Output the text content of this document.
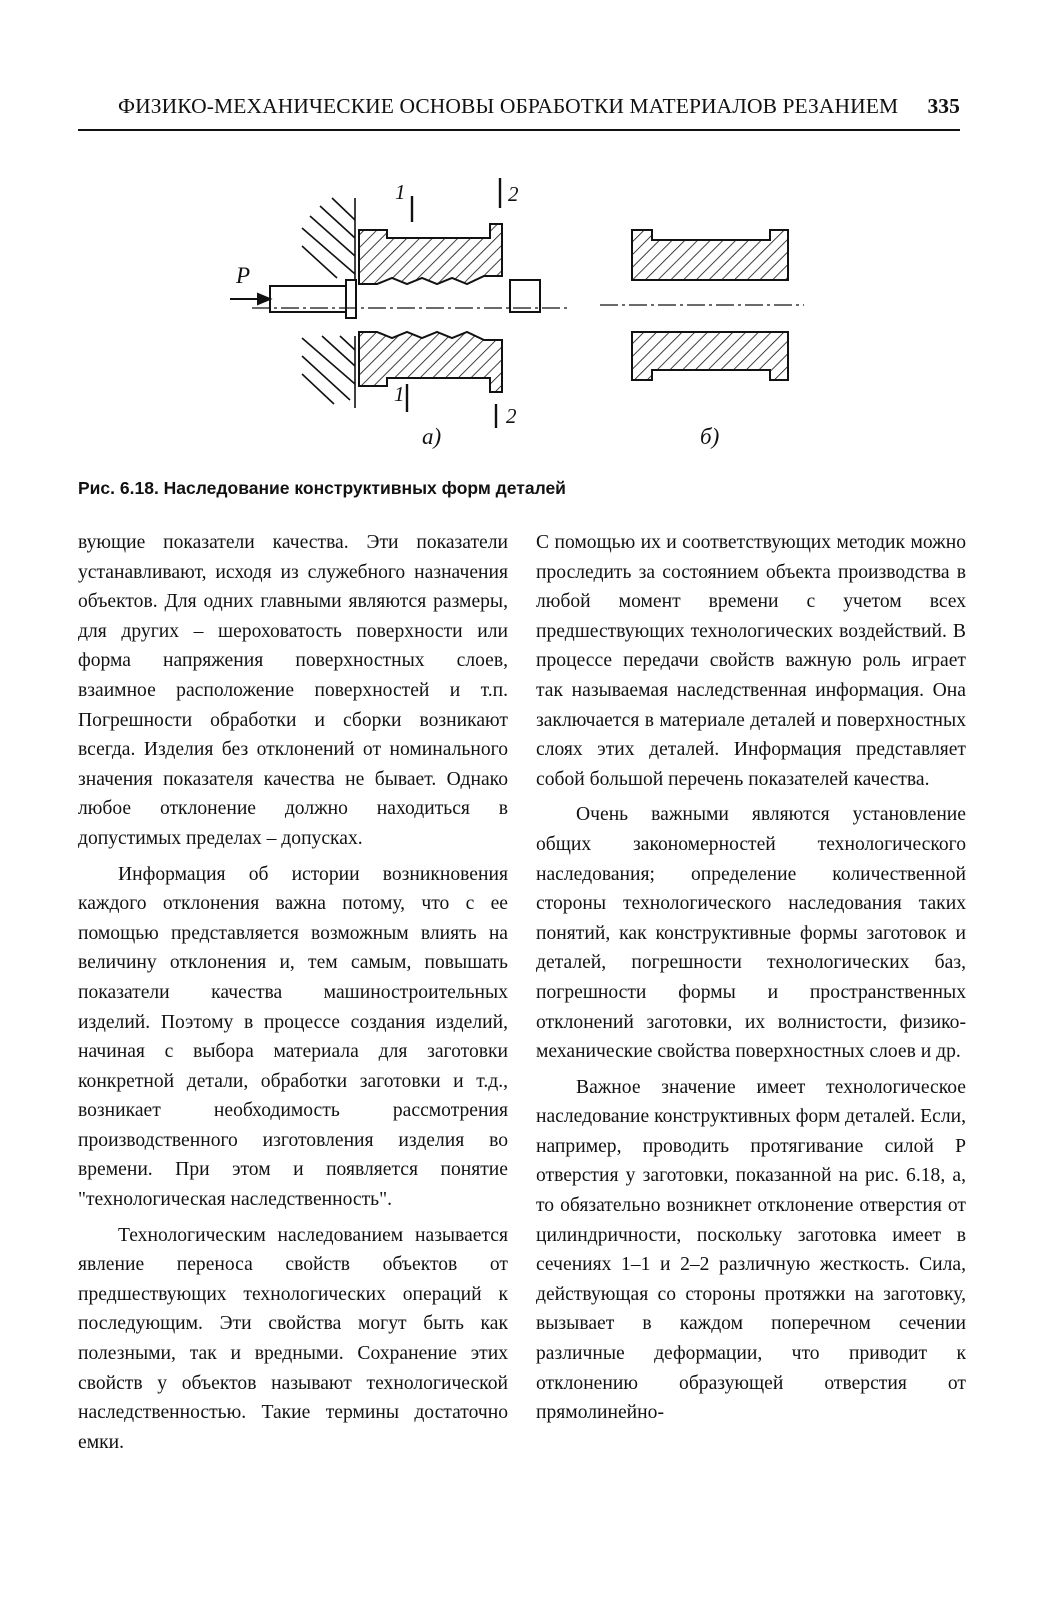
ФИЗИКО-МЕХАНИЧЕСКИЕ ОСНОВЫ ОБРАБОТКИ МАТЕРИАЛОВ РЕЗАНИЕМ 335
P
1	2
1
2
а)	б)
Рис. 6.18. Наследование конструктивных форм деталей

вующие показатели качества. Эти показатели устанавливают, исходя из служебного назначения объектов. Для одних главными являются размеры, для других – шероховатость поверхности или форма напряжения поверхностных слоев, взаимное расположение поверхностей и т.п. Погрешности обработки и сборки возникают всегда. Изделия без отклонений от номинального значения показателя качества не бывает. Однако любое отклонение должно находиться в допустимых пределах – допусках.

Информация об истории возникновения каждого отклонения важна потому, что с ее помощью представляется возможным влиять на величину отклонения и, тем самым, повышать показатели качества машиностроительных изделий. Поэтому в процессе создания изделий, начиная с выбора материала для заготовки конкретной детали, обработки заготовки и т.д., возникает необходимость рассмотрения производственного изготовления изделия во времени. При этом и появляется понятие "технологическая наследственность".

Технологическим наследованием называется явление переноса свойств объектов от предшествующих технологических операций к последующим. Эти свойства могут быть как полезными, так и вредными. Сохранение этих свойств у объектов называют технологической наследственностью. Такие термины достаточно емки.

С помощью их и соответствующих методик можно проследить за состоянием объекта производства в любой момент времени с учетом всех предшествующих технологических воздействий. В процессе передачи свойств важную роль играет так называемая наследственная информация. Она заключается в материале деталей и поверхностных слоях этих деталей. Информация представляет собой большой перечень показателей качества.

Очень важными являются установление общих закономерностей технологического наследования; определение количественной стороны технологического наследования таких понятий, как конструктивные формы заготовок и деталей, погрешности технологических баз, погрешности формы и пространственных отклонений заготовки, их волнистости, физико-механические свойства поверхностных слоев и др.

Важное значение имеет технологическое наследование конструктивных форм деталей. Если, например, проводить протягивание силой P отверстия у заготовки, показанной на рис. 6.18, а, то обязательно возникнет отклонение отверстия от цилиндричности, поскольку заготовка имеет в сечениях 1–1 и 2–2 различную жесткость. Сила, действующая со стороны протяжки на заготовку, вызывает в каждом поперечном сечении различные деформации, что приводит к отклонению образующей отверстия от прямолинейно-
